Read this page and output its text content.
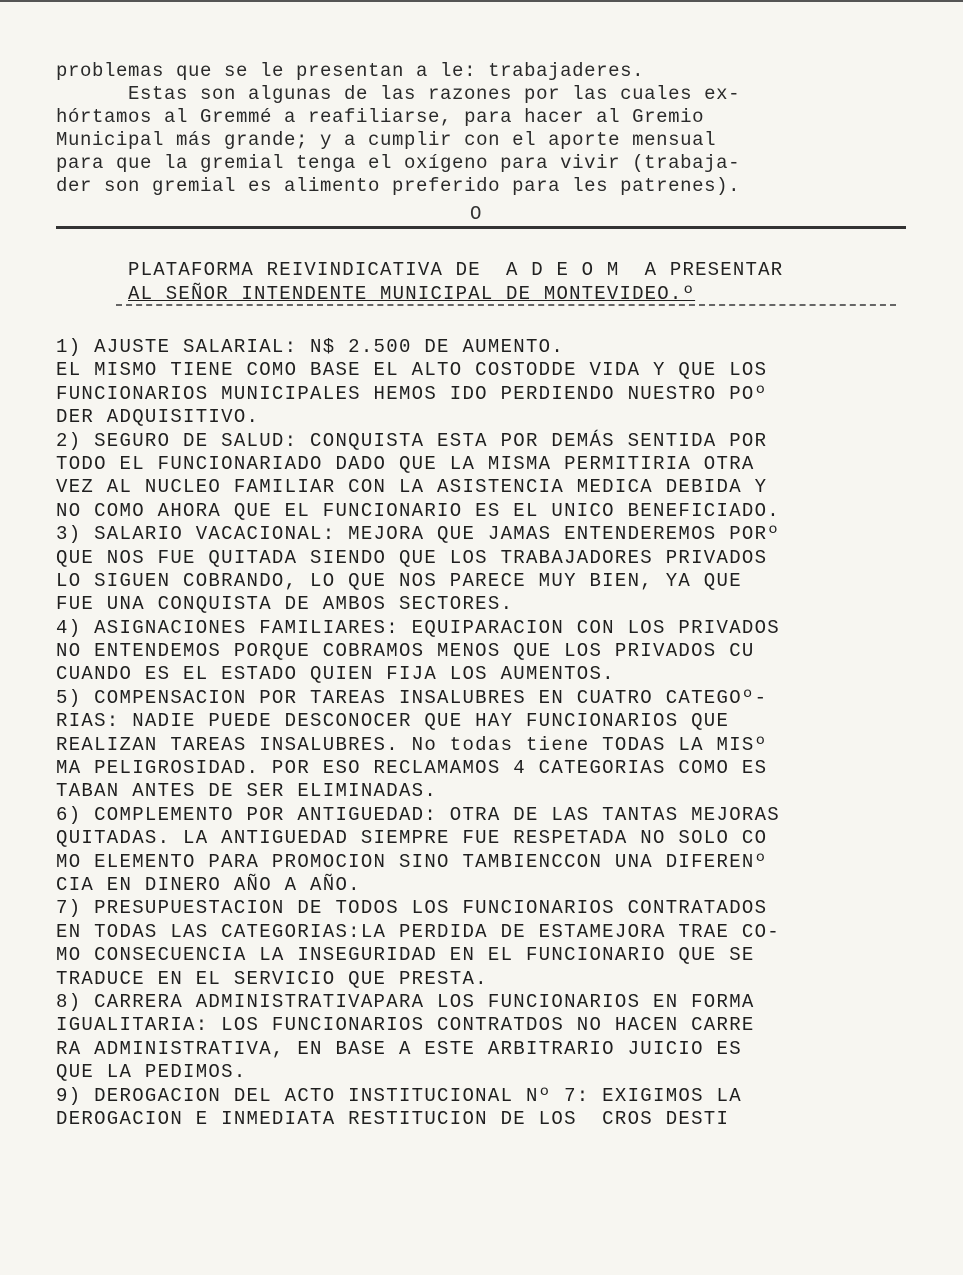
problemas que se le presentan a le: trabajaderes.
Estas son algunas de las razones por las cuales ex-
hórtamos al Gremmé a reafiliarse, para hacer al Gremio
Municipal más grande; y a cumplir con el aporte mensual
para que la gremial tenga el oxígeno para vivir (trabaja-
der son gremial es alimento preferido para les patrenes).
O
PLATAFORMA REIVINDICATIVA DE  A D E O M  A PRESENTAR
AL SEÑOR INTENDENTE MUNICIPAL DE MONTEVIDEO.º
1) AJUSTE SALARIAL: N$ 2.500 DE AUMENTO.
EL MISMO TIENE COMO BASE EL ALTO COSTODDE VIDA Y QUE LOS
FUNCIONARIOS MUNICIPALES HEMOS IDO PERDIENDO NUESTRO POº
DER ADQUISITIVO.
2) SEGURO DE SALUD: CONQUISTA ESTA POR DEMÁS SENTIDA POR
TODO EL FUNCIONARIADO DADO QUE LA MISMA PERMITIRIA OTRA
VEZ AL NUCLEO FAMILIAR CON LA ASISTENCIA MEDICA DEBIDA Y
NO COMO AHORA QUE EL FUNCIONARIO ES EL UNICO BENEFICIADO.
3) SALARIO VACACIONAL: MEJORA QUE JAMAS ENTENDEREMOS PORº
QUE NOS FUE QUITADA SIENDO QUE LOS TRABAJADORES PRIVADOS
LO SIGUEN COBRANDO, LO QUE NOS PARECE MUY BIEN, YA QUE
FUE UNA CONQUISTA DE AMBOS SECTORES.
4) ASIGNACIONES FAMILIARES: EQUIPARACION CON LOS PRIVADOS
NO ENTENDEMOS PORQUE COBRAMOS MENOS QUE LOS PRIVADOS CU
CUANDO ES EL ESTADO QUIEN FIJA LOS AUMENTOS.
5) COMPENSACION POR TAREAS INSALUBRES EN CUATRO CATEGOº-
RIAS: NADIE PUEDE DESCONOCER QUE HAY FUNCIONARIOS QUE
REALIZAN TAREAS INSALUBRES. No todas tiene TODAS LA MISº
MA PELIGROSIDAD. POR ESO RECLAMAMOS 4 CATEGORIAS COMO ES
TABAN ANTES DE SER ELIMINADAS.
6) COMPLEMENTO POR ANTIGUEDAD: OTRA DE LAS TANTAS MEJORAS
QUITADAS. LA ANTIGUEDAD SIEMPRE FUE RESPETADA NO SOLO CO
MO ELEMENTO PARA PROMOCION SINO TAMBIENCCON UNA DIFERENº
CIA EN DINERO AÑO A AÑO.
7) PRESUPUESTACION DE TODOS LOS FUNCIONARIOS CONTRATADOS
EN TODAS LAS CATEGORIAS:LA PERDIDA DE ESTAMEJORA TRAE CO-
MO CONSECUENCIA LA INSEGURIDAD EN EL FUNCIONARIO QUE SE
TRADUCE EN EL SERVICIO QUE PRESTA.
8) CARRERA ADMINISTRATIVAPARA LOS FUNCIONARIOS EN FORMA
IGUALITARIA: LOS FUNCIONARIOS CONTRATDOS NO HACEN CARRE
RA ADMINISTRATIVA, EN BASE A ESTE ARBITRARIO JUICIO ES
QUE LA PEDIMOS.
9) DEROGACION DEL ACTO INSTITUCIONAL Nº 7: EXIGIMOS LA
DEROGACION E INMEDIATA RESTITUCION DE LOS  CROS DESTI
